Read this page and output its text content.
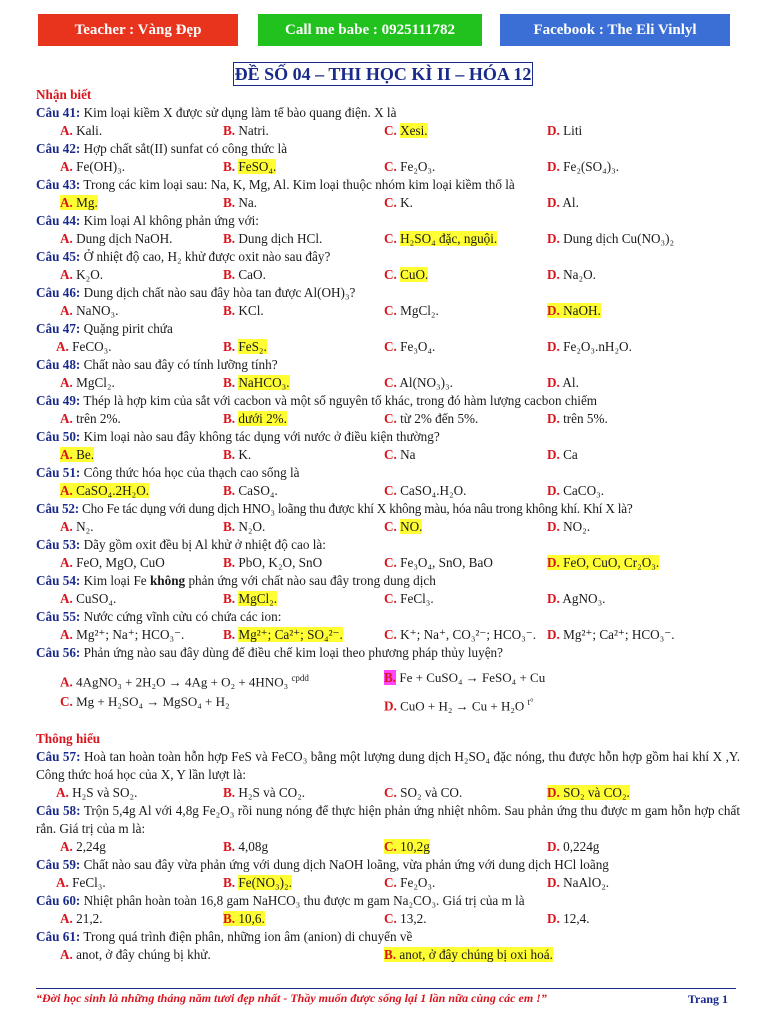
Teacher : Vàng Đẹp	Call me babe : 0925111782	Facebook : The Eli Vinlyl
ĐỀ SỐ 04 – THI HỌC KÌ II – HÓA 12
Nhận biết
Câu 41: Kim loại kiềm X được sử dụng làm tế bào quang điện. X là
A. Kali.	B. Natri.	C. Xesi.	D. Liti
Câu 42: Hợp chất sắt(II) sunfat có công thức là
A. Fe(OH)₃.	B. FeSO₄.	C. Fe₂O₃.	D. Fe₂(SO₄)₃.
Câu 43: Trong các kim loại sau: Na, K, Mg, Al. Kim loại thuộc nhóm kim loại kiềm thổ là
A. Mg.	B. Na.	C. K.	D. Al.
Câu 44: Kim loại Al không phản ứng với:
A. Dung dịch NaOH.	B. Dung dịch HCl.	C. H₂SO₄ đặc, nguội.	D. Dung dịch Cu(NO₃)₂
Câu 45: Ở nhiệt độ cao, H₂ khử được oxit nào sau đây?
A. K₂O.	B. CaO.	C. CuO.	D. Na₂O.
Câu 46: Dung dịch chất nào sau đây hòa tan được Al(OH)₃?
A. NaNO₃.	B. KCl.	C. MgCl₂.	D. NaOH.
Câu 47: Quặng pirit chứa
A. FeCO₃.	B. FeS₂.	C. Fe₃O₄.	D. Fe₂O₃.nH₂O.
Câu 48: Chất nào sau đây có tính lưỡng tính?
A. MgCl₂.	B. NaHCO₃.	C. Al(NO₃)₃.	D. Al.
Câu 49: Thép là hợp kim của sắt với cacbon và một số nguyên tố khác, trong đó hàm lượng cacbon chiếm
A. trên 2%.	B. dưới 2%.	C. từ 2% đến 5%.	D. trên 5%.
Câu 50: Kim loại nào sau đây không tác dụng với nước ở điều kiện thường?
A. Be.	B. K.	C. Na	D. Ca
Câu 51: Công thức hóa học của thạch cao sống là
A. CaSO₄.2H₂O.	B. CaSO₄.	C. CaSO₄.H₂O.	D. CaCO₃.
Câu 52: Cho Fe tác dụng với dung dịch HNO₃ loãng thu được khí X không màu, hóa nâu trong không khí. Khí X là?
A. N₂.	B. N₂O.	C. NO.	D. NO₂.
Câu 53: Dãy gồm oxit đều bị Al khử ở nhiệt độ cao là:
A. FeO, MgO, CuO	B. PbO, K₂O, SnO	C. Fe₃O₄, SnO, BaO	D. FeO, CuO, Cr₂O₃.
Câu 54: Kim loại Fe không phản ứng với chất nào sau đây trong dung dịch
A. CuSO₄.	B. MgCl₂.	C. FeCl₃.	D. AgNO₃.
Câu 55: Nước cứng vĩnh cửu có chứa các ion:
A. Mg²⁺; Na⁺; HCO₃⁻.	B. Mg²⁺; Ca²⁺; SO₄²⁻.	C. K⁺; Na⁺, CO₃²⁻; HCO₃⁻. D. Mg²⁺; Ca²⁺; HCO₃⁻.
Câu 56: Phản ứng nào sau đây dùng để điều chế kim loại theo phương pháp thủy luyện?
A. 4AgNO₃ + 2H₂O → 4Ag + O₂ + 4HNO₃ $^{cpdd}$	B. Fe + CuSO₄ → FeSO₄ + Cu
C. Mg + H₂SO₄ → MgSO₄ + H₂	D. CuO + H₂ → Cu + H₂O $^{t^\circ}$
Thông hiểu
Câu 57: Hoà tan hoàn toàn hỗn hợp FeS và FeCO₃ bằng một lượng dung dịch H₂SO₄ đặc nóng, thu được hỗn hợp gồm hai khí X ,Y. Công thức hoá học của X, Y lần lượt là:
A. H₂S và SO₂.	B. H₂S và CO₂.	C. SO₂ và CO.	D. SO₂ và CO₂.
Câu 58: Trộn 5,4g Al với 4,8g Fe₂O₃ rồi nung nóng để thực hiện phản ứng nhiệt nhôm. Sau phản ứng thu được m gam hỗn hợp chất rắn. Giá trị của m là:
A. 2,24g	B. 4,08g	C. 10,2g	D. 0,224g
Câu 59: Chất nào sau đây vừa phản ứng với dung dịch NaOH loãng, vừa phản ứng với dung dịch HCl loãng
A. FeCl₃.	B. Fe(NO₃)₂.	C. Fe₂O₃.	D. NaAlO₂.
Câu 60: Nhiệt phân hoàn toàn 16,8 gam NaHCO₃ thu được m gam Na₂CO₃. Giá trị của m là
A. 21,2.	B. 10,6.	C. 13,2.	D. 12,4.
Câu 61: Trong quá trình điện phân, những ion âm (anion) di chuyển về
A. anot, ở đây chúng bị khử.	B. anot, ở đây chúng bị oxi hoá.
“Đời học sinh là những tháng năm tươi đẹp nhất - Thầy muốn được sống lại 1 lần nữa cùng các em !”	Trang 1
